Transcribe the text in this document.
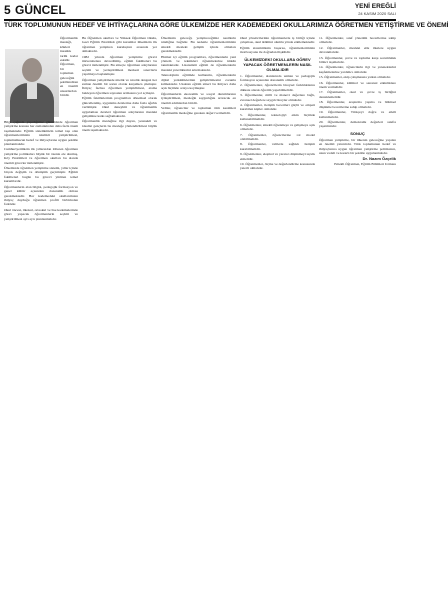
5 GÜNCEL	YENİ EREĞLİ
24 KASIM 2020 SALI
TÜRK TOPLUMUNUN HEDEF VE İHTİYAÇLARINA GÖRE ÜLKEMİZDE HER KADEMEDEKİ OKULLARIMIZA ÖĞRETMEN YETİŞTİRME VE ÖNEMİ
Öğretmenlik mesleği, kökleri insanlık tarihi kadar eskidir. Öğretmen, bir toplumun geleceğini şekillendiren en önemli unsurlardan biridir.

Bilgi çağında yaşadığımız günümüzde öğretmen yetiştirme konusu her zamankinden daha fazla önem taşımaktadır. Eğitim sistemimizin temel taşı olan öğretmenlerimizin nitelikli yetiştirilmesi, toplumumuzun hedef ve ihtiyaçlarına uygun şekilde planlanmalıdır.

Cumhuriyetimizin ilk yıllarından itibaren öğretmen yetiştirme politikaları büyük bir özenle ele alınmış, Köy Enstitüleri ve öğretmen okulları bu alanda önemli görevler üstlenmiştir.

Ülkemizde öğretmen yetiştirme sistemi, yıllar içinde birçok değişim ve dönüşüm geçirmiştir. Eğitim fakülteleri bugün bu görevi yürüten temel kurumlardır.

Öğretmenlerin alan bilgisi, pedagojik formasyon ve genel kültür açısından donanımlı olması gerekmektedir. Her kademedeki okullarımızın ihtiyaç duyduğu öğretmen profili birbirinden farklıdır.

Okul öncesi, ilkokul, ortaokul ve lise kademelerinde görev yapacak öğretmenlerin seçimi ve yetiştirilmesi ayrı ayrı planlanmalıdır.

Bu Öğretmen okulları ve Yüksek Öğretmen Okulu, Gazi Eğitim Enstitüsü gibi kurumlar ülkemizin ilk öğretmen yetiştiren kuruluşları arasında yer almaktadır.

1982 yılında öğretmen yetiştirme görevi üniversitelere devredilmiş, eğitim fakülteleri bu görevi üstlenmiştir. Bu süreçte öğretmen adaylarının seçimi ve yerleştirilmesi merkezi sınavlarla yapılmaya başlanmıştır.

Öğretmen yetiştirmede nitelik ve nicelik dengesi her zaman önemli bir sorun olarak karşımıza çıkmıştır. İhtiyaç fazlası öğretmen yetiştirilmesi, atama bekleyen öğretmen sayısının artmasına yol açmıştır.

Eğitim fakültelerinin programları dönemsel olarak güncellenmiş, uygulama derslerine daha fazla ağırlık verilmiştir. Okul deneyimi ve öğretmenlik uygulaması dersleri öğretmen adaylarının mesleki gelişimine katkı sağlamaktadır.

Öğretmenlik mesleğine ilgi duyan, yetenekli ve idealist gençlerin bu mesleğe yönlendirilmesi büyük önem taşımaktadır.

Ülkemizin geleceği, yetiştireceğimiz nesillerin niteliğine bağlıdır. Bu nedenle öğretmenlerimizin sürekli mesleki gelişim içinde olmaları gerekmektedir.

Hizmet içi eğitim programları, öğretmenlerin yeni yöntem ve teknikleri öğrenmelerine imkân tanımaktadır. Lisansüstü eğitim de öğretmenlerin mesleki yeterliklerini artırmaktadır.

Teknolojinin eğitimde kullanımı, öğretmenlerin dijital yetkinliklerinin geliştirilmesini zorunlu kılmaktadır. Uzaktan eğitim süreci bu ihtiyacı daha açık biçimde ortaya koymuştur.

Öğretmenlerin ekonomik ve sosyal durumlarının iyileştirilmesi, mesleğin saygınlığını artıracak en önemli adımlardan biridir.

Veliler, öğrenciler ve toplumun tüm kesimleri öğretmenlik mesleğine gereken değeri vermelidir.

Okul yöneticilerinin öğretmenlerle iş birliği içinde çalışması, okul iklimini olumlu yönde etkilemektedir.

Eğitim sistemimizin başarısı, öğretmenlerimizin motivasyonu ile doğrudan ilişkilidir.

ÜLKEMİZDEKİ OKULLARA GÖREV YAPACAK ÖĞRETMENLERİN NASIL OLMALIDIR

1. Öğretmenler, alanlarında uzman ve pedagojik formasyon açısından donanımlı olmalıdır.

2. Öğretmenler, öğrencilerin bireysel farklılıklarını dikkate alarak öğretim yapabilmelidir.

3. Öğretmenler, milli ve manevi değerlere bağlı, evrensel değerlere saygılı bireyler olmalıdır.

4. Öğretmenler, iletişim becerileri güçlü ve empati kurabilen kişiler olmalıdır.

5. Öğretmenler, teknolojiyi etkin biçimde kullanabilmelidir.

6. Öğretmenler, sürekli öğrenmeye ve gelişmeye açık olmalıdır.

7. Öğretmenler, öğrencilerine rol model olabilmelidir.

8. Öğretmenler, velilerle sağlıklı iletişim kurabilmelidir.

9. Öğretmenler, eleştirel ve yaratıcı düşünmeyi teşvik etmelidir.

10. Öğretmenler, ölçme ve değerlendirme konusunda yeterli olmalıdır.

11. Öğretmenler, sınıf yönetimi becerilerine sahip olmalıdır.

12. Öğretmenler, mesleki etik ilkelere uygun davranmalıdır.

13. Öğretmenler, çevre ve topluma karşı sorumluluk bilinci taşımalıdır.

14. Öğretmenler, öğrencilerin ilgi ve yeteneklerini keşfetmelerine yardımcı olmalıdır.

15. Öğretmenler, ekip çalışmasına yatkın olmalıdır.

16. Öğretmenler, kültürel ve sanatsal etkinliklere önem vermelidir.

17. Öğretmenler, okul ve çevre iş birliğini desteklemelidir.

18. Öğretmenler, araştırma yapma ve bilimsel düşünme becerilerine sahip olmalıdır.

19. Öğretmenler, Türkçeyi doğru ve etkili kullanmalıdır.

20. Öğretmenler, demokratik değerleri sınıfta yaşatmalıdır.

SONUÇ

Öğretmen yetiştirme, bir ülkenin geleceğine yapılan en önemli yatırımdır. Türk toplumunun hedef ve ihtiyaçlarına uygun öğretmen yetiştirme politikaları, uzun vadeli ve kararlı bir şekilde uygulanmalıdır.

Dr. Nazım Özçelik
Emekli Öğretmen, Eğitim Bilimleri Uzmanı
